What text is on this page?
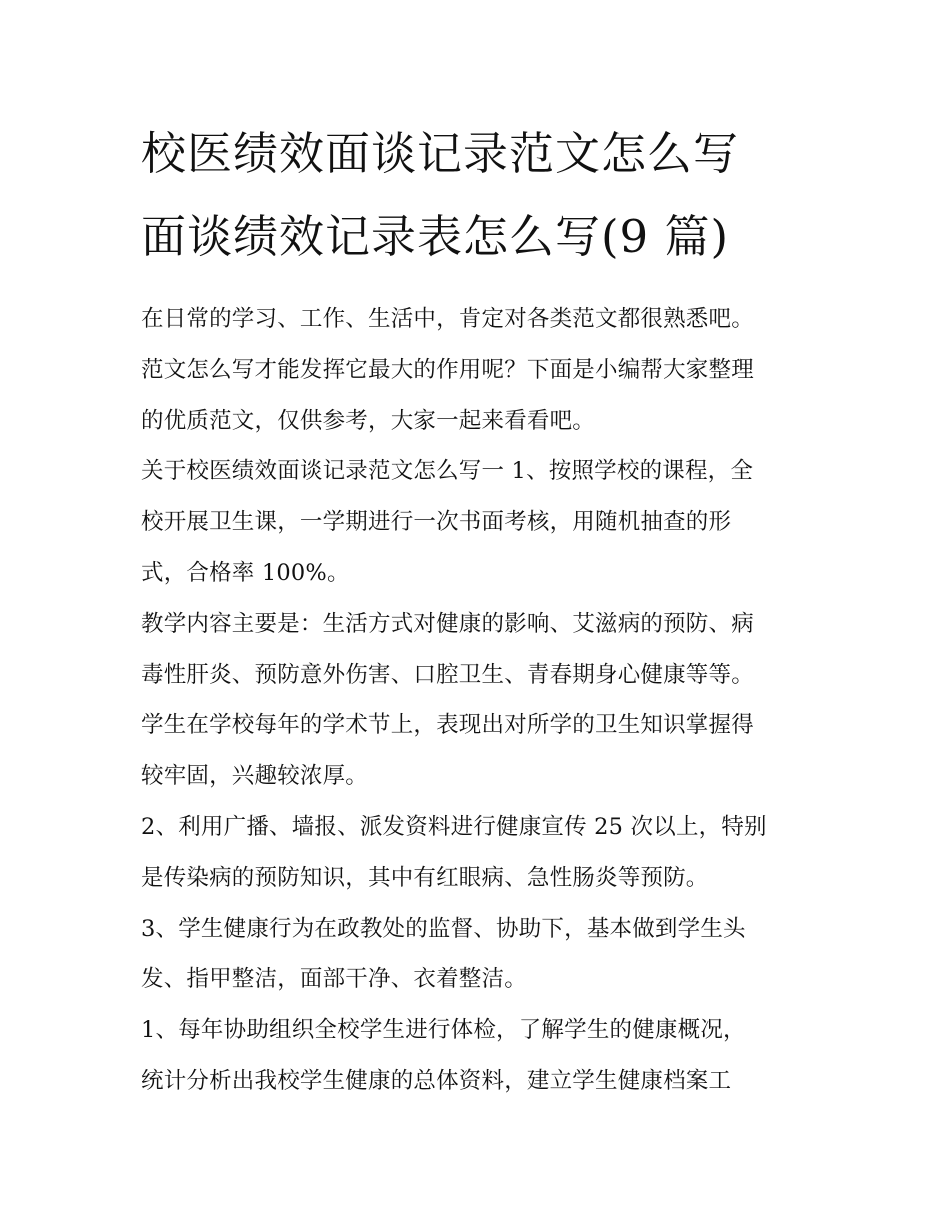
校医绩效面谈记录范文怎么写
面谈绩效记录表怎么写(9 篇)

在日常的学习、工作、生活中，肯定对各类范文都很熟悉吧。
范文怎么写才能发挥它最大的作用呢？下面是小编帮大家整理
的优质范文，仅供参考，大家一起来看看吧。

关于校医绩效面谈记录范文怎么写一 1、按照学校的课程，全
校开展卫生课，一学期进行一次书面考核，用随机抽查的形
式，合格率 100%。

教学内容主要是：生活方式对健康的影响、艾滋病的预防、病
毒性肝炎、预防意外伤害、口腔卫生、青春期身心健康等等。
学生在学校每年的学术节上，表现出对所学的卫生知识掌握得
较牢固，兴趣较浓厚。

2、利用广播、墙报、派发资料进行健康宣传 25 次以上，特别
是传染病的预防知识，其中有红眼病、急性肠炎等预防。

3、学生健康行为在政教处的监督、协助下，基本做到学生头
发、指甲整洁，面部干净、衣着整洁。

1、每年协助组织全校学生进行体检，了解学生的健康概况，
统计分析出我校学生健康的总体资料，建立学生健康档案工
